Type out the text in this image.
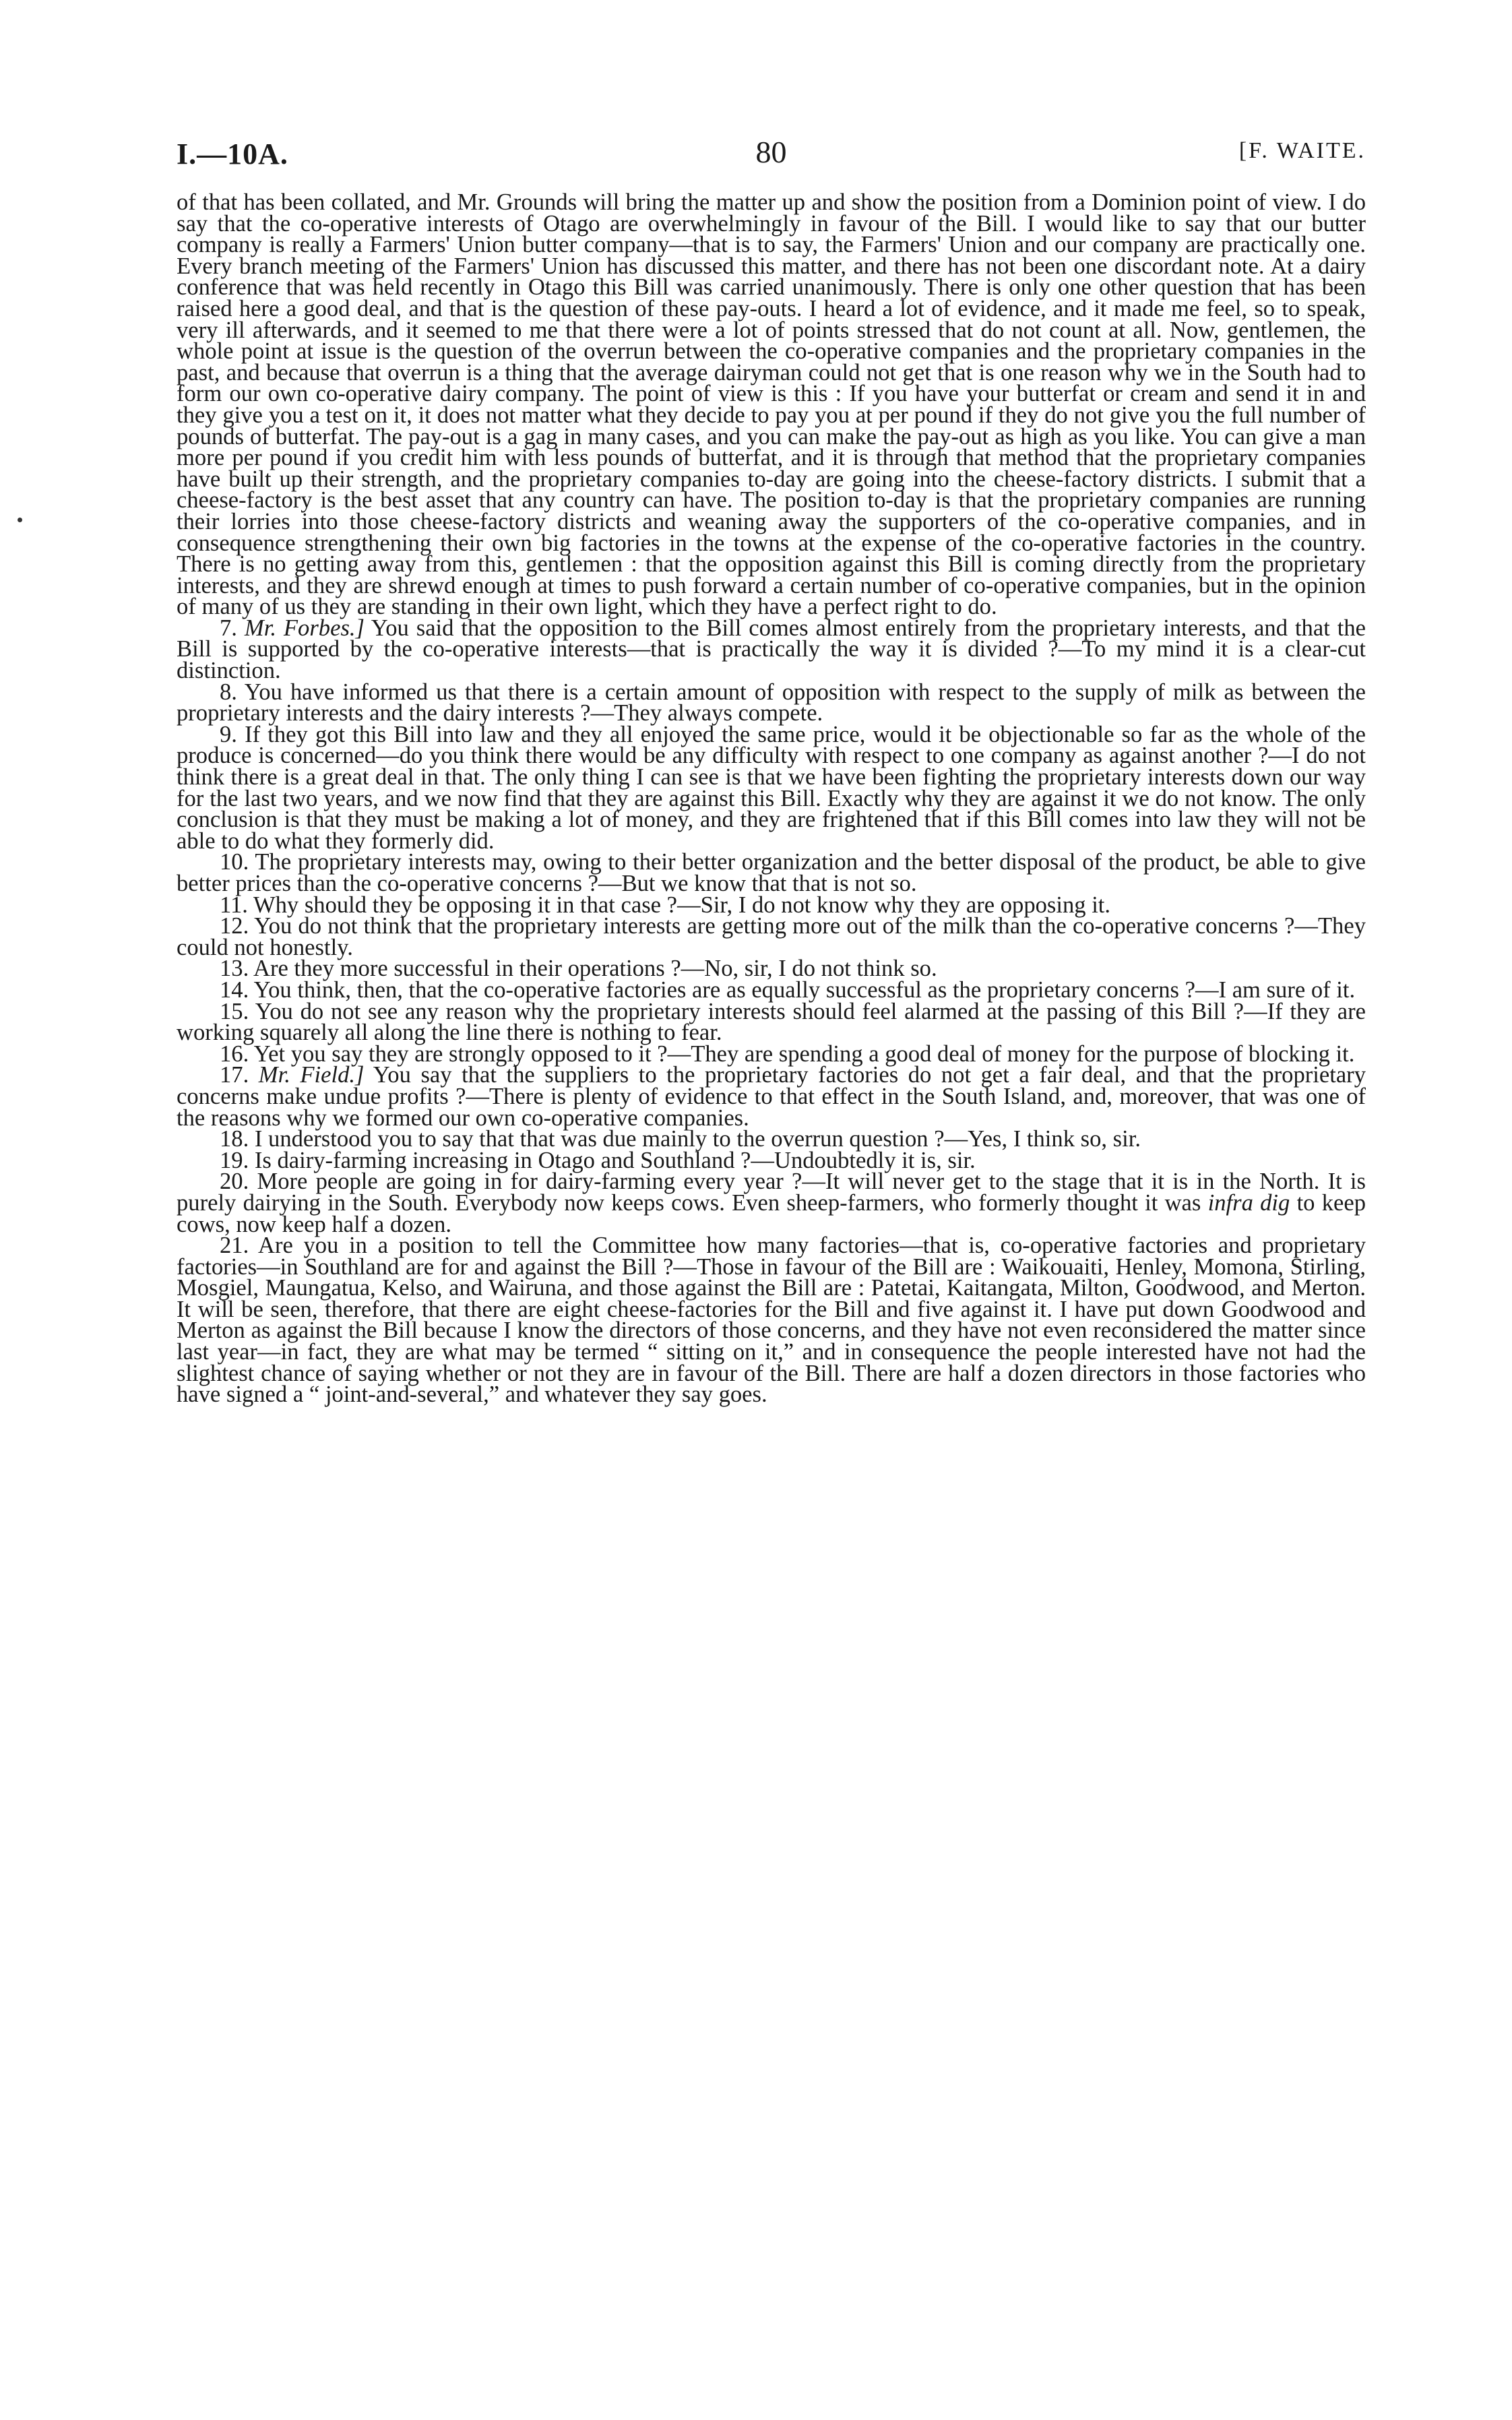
I.—10A.	80	[F. WAITE.

of that has been collated, and Mr. Grounds will bring the matter up and show the position from a Dominion point of view. I do say that the co-operative interests of Otago are overwhelmingly in favour of the Bill. I would like to say that our butter company is really a Farmers' Union butter company—that is to say, the Farmers' Union and our company are practically one. Every branch meeting of the Farmers' Union has discussed this matter, and there has not been one discordant note. At a dairy conference that was held recently in Otago this Bill was carried unanimously. There is only one other question that has been raised here a good deal, and that is the question of these pay-outs. I heard a lot of evidence, and it made me feel, so to speak, very ill afterwards, and it seemed to me that there were a lot of points stressed that do not count at all. Now, gentlemen, the whole point at issue is the question of the overrun between the co-operative companies and the proprietary companies in the past, and because that overrun is a thing that the average dairyman could not get that is one reason why we in the South had to form our own co-operative dairy company. The point of view is this : If you have your butterfat or cream and send it in and they give you a test on it, it does not matter what they decide to pay you at per pound if they do not give you the full number of pounds of butterfat. The pay-out is a gag in many cases, and you can make the pay-out as high as you like. You can give a man more per pound if you credit him with less pounds of butterfat, and it is through that method that the proprietary companies have built up their strength, and the proprietary companies to-day are going into the cheese-factory districts. I submit that a cheese-factory is the best asset that any country can have. The position to-day is that the proprietary companies are running their lorries into those cheese-factory districts and weaning away the supporters of the co-operative companies, and in consequence strengthening their own big factories in the towns at the expense of the co-operative factories in the country. There is no getting away from this, gentlemen : that the opposition against this Bill is coming directly from the proprietary interests, and they are shrewd enough at times to push forward a certain number of co-operative companies, but in the opinion of many of us they are standing in their own light, which they have a perfect right to do.

7. Mr. Forbes.] You said that the opposition to the Bill comes almost entirely from the proprietary interests, and that the Bill is supported by the co-operative interests—that is practically the way it is divided ?—To my mind it is a clear-cut distinction.

8. You have informed us that there is a certain amount of opposition with respect to the supply of milk as between the proprietary interests and the dairy interests ?—They always compete.

9. If they got this Bill into law and they all enjoyed the same price, would it be objectionable so far as the whole of the produce is concerned—do you think there would be any difficulty with respect to one company as against another ?—I do not think there is a great deal in that. The only thing I can see is that we have been fighting the proprietary interests down our way for the last two years, and we now find that they are against this Bill. Exactly why they are against it we do not know. The only conclusion is that they must be making a lot of money, and they are frightened that if this Bill comes into law they will not be able to do what they formerly did.

10. The proprietary interests may, owing to their better organization and the better disposal of the product, be able to give better prices than the co-operative concerns ?—But we know that that is not so.

11. Why should they be opposing it in that case ?—Sir, I do not know why they are opposing it.

12. You do not think that the proprietary interests are getting more out of the milk than the co-operative concerns ?—They could not honestly.

13. Are they more successful in their operations ?—No, sir, I do not think so.

14. You think, then, that the co-operative factories are as equally successful as the proprietary concerns ?—I am sure of it.

15. You do not see any reason why the proprietary interests should feel alarmed at the passing of this Bill ?—If they are working squarely all along the line there is nothing to fear.

16. Yet you say they are strongly opposed to it ?—They are spending a good deal of money for the purpose of blocking it.

17. Mr. Field.] You say that the suppliers to the proprietary factories do not get a fair deal, and that the proprietary concerns make undue profits ?—There is plenty of evidence to that effect in the South Island, and, moreover, that was one of the reasons why we formed our own co-operative companies.

18. I understood you to say that that was due mainly to the overrun question ?—Yes, I think so, sir.

19. Is dairy-farming increasing in Otago and Southland ?—Undoubtedly it is, sir.

20. More people are going in for dairy-farming every year ?—It will never get to the stage that it is in the North. It is purely dairying in the South. Everybody now keeps cows. Even sheep-farmers, who formerly thought it was infra dig to keep cows, now keep half a dozen.

21. Are you in a position to tell the Committee how many factories—that is, co-operative factories and proprietary factories—in Southland are for and against the Bill ?—Those in favour of the Bill are : Waikouaiti, Henley, Momona, Stirling, Mosgiel, Maungatua, Kelso, and Wairuna, and those against the Bill are : Patetai, Kaitangata, Milton, Goodwood, and Merton. It will be seen, therefore, that there are eight cheese-factories for the Bill and five against it. I have put down Goodwood and Merton as against the Bill because I know the directors of those concerns, and they have not even reconsidered the matter since last year—in fact, they are what may be termed “ sitting on it,” and in consequence the people interested have not had the slightest chance of saying whether or not they are in favour of the Bill. There are half a dozen directors in those factories who have signed a “ joint-and-several,” and whatever they say goes.
